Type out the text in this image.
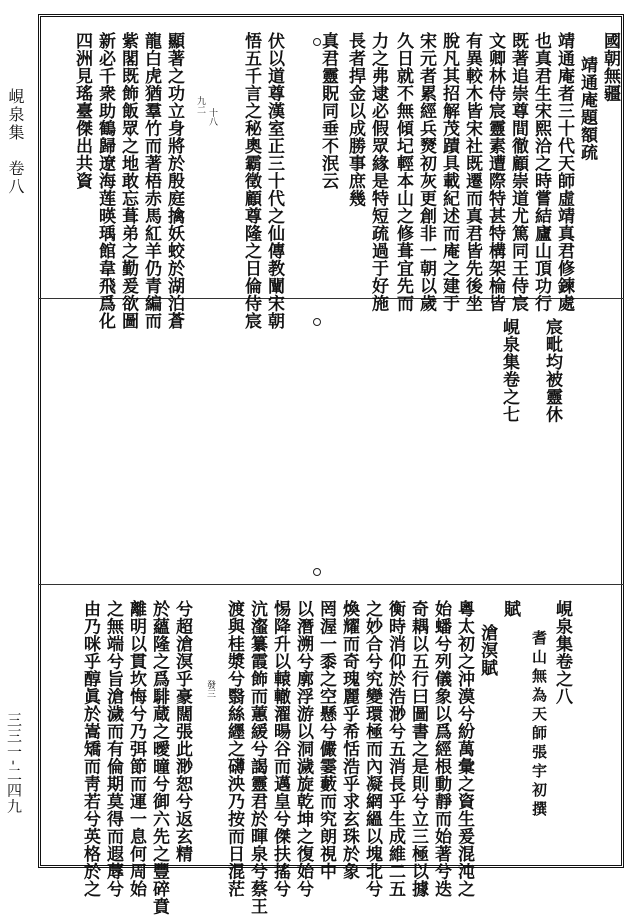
峴泉集　卷八
三三一-二四九
國朝無疆
靖通庵題額疏
靖通庵者三十代天師虛靖真君修鍊處
也真君生宋熙洽之時嘗結廬山頂功行
既著追崇尊間徹顧崇道尤篤同王侍宸
文卿林侍宸靈素遭際特甚特構架棆皆
有異較木皆宋社既遷而真君皆先後坐
脫凡其招解茂蹟具載紀述而庵之建于
宋元者累經兵燹初灰更創非一朝以歲
久日就不無傾圮輕本山之修葺宜先而
力之弗逮必假眾緣是特短疏過于好施
長者捍金以成勝事庶幾
真君靈貺同垂不泯云
伏以道尊漢室正三十代之仙傳教闡宋朝
悟五千言之秘奧霸徵顧尊隆之日倫侍宸
顯著之功立身將於殷庭擒妖蛟於湖泊蒼
龍白虎猶羣竹而著梧赤馬紅羊仍青編而
紫閣既飾飯眾之地敢忘葺弟之勤爰欲圖
新必千衆助鶴歸遼海莲暎瑀館韋飛爲化
四洲見瑤臺傑出共資	十八
九二
宸毗均被靈休
峴泉集卷之七
峴泉集卷之八
耆山無為天師張宇初撰
賦
滄溟賦
粵太初之沖漠兮紛萬彙之資生爰混沌之
始蟠兮列儀象以爲經根動靜而始著兮迭
奇耦以五行曰圖書之是則兮立三極以據
衡時消仰於浩渺兮五消長乎生成維二五
之妙合兮究變環極而內凝網縕以塊北兮
煥耀而奇瑰麗乎希恬浩乎求玄珠於象
罔渥一黍之空懸兮儼霎藪而究朗視中
以潛溯兮廓浮游以洞濊旋乾坤之復始兮
惕降升以轅轍濯暘谷而邁皇兮傑扶搖兮
沆瀣纂霞飾而蕙緩兮謁靈君於暉泉兮蔡王
渡與桂漿兮翳絲纆之礴泱乃按而日混茫
兮超滄溟乎豪闊張此渺恕兮返玄精
於蘊隆之爲騑蔵之曖曈兮御六先之豐碎賁
離明以貫坎悔兮乃弭節而運一息何周始
之無端兮旨滄濊而有倫期莫得而遐蓐兮
由乃咪乎醇眞於嵩矯而靑若兮英格於之	發三
